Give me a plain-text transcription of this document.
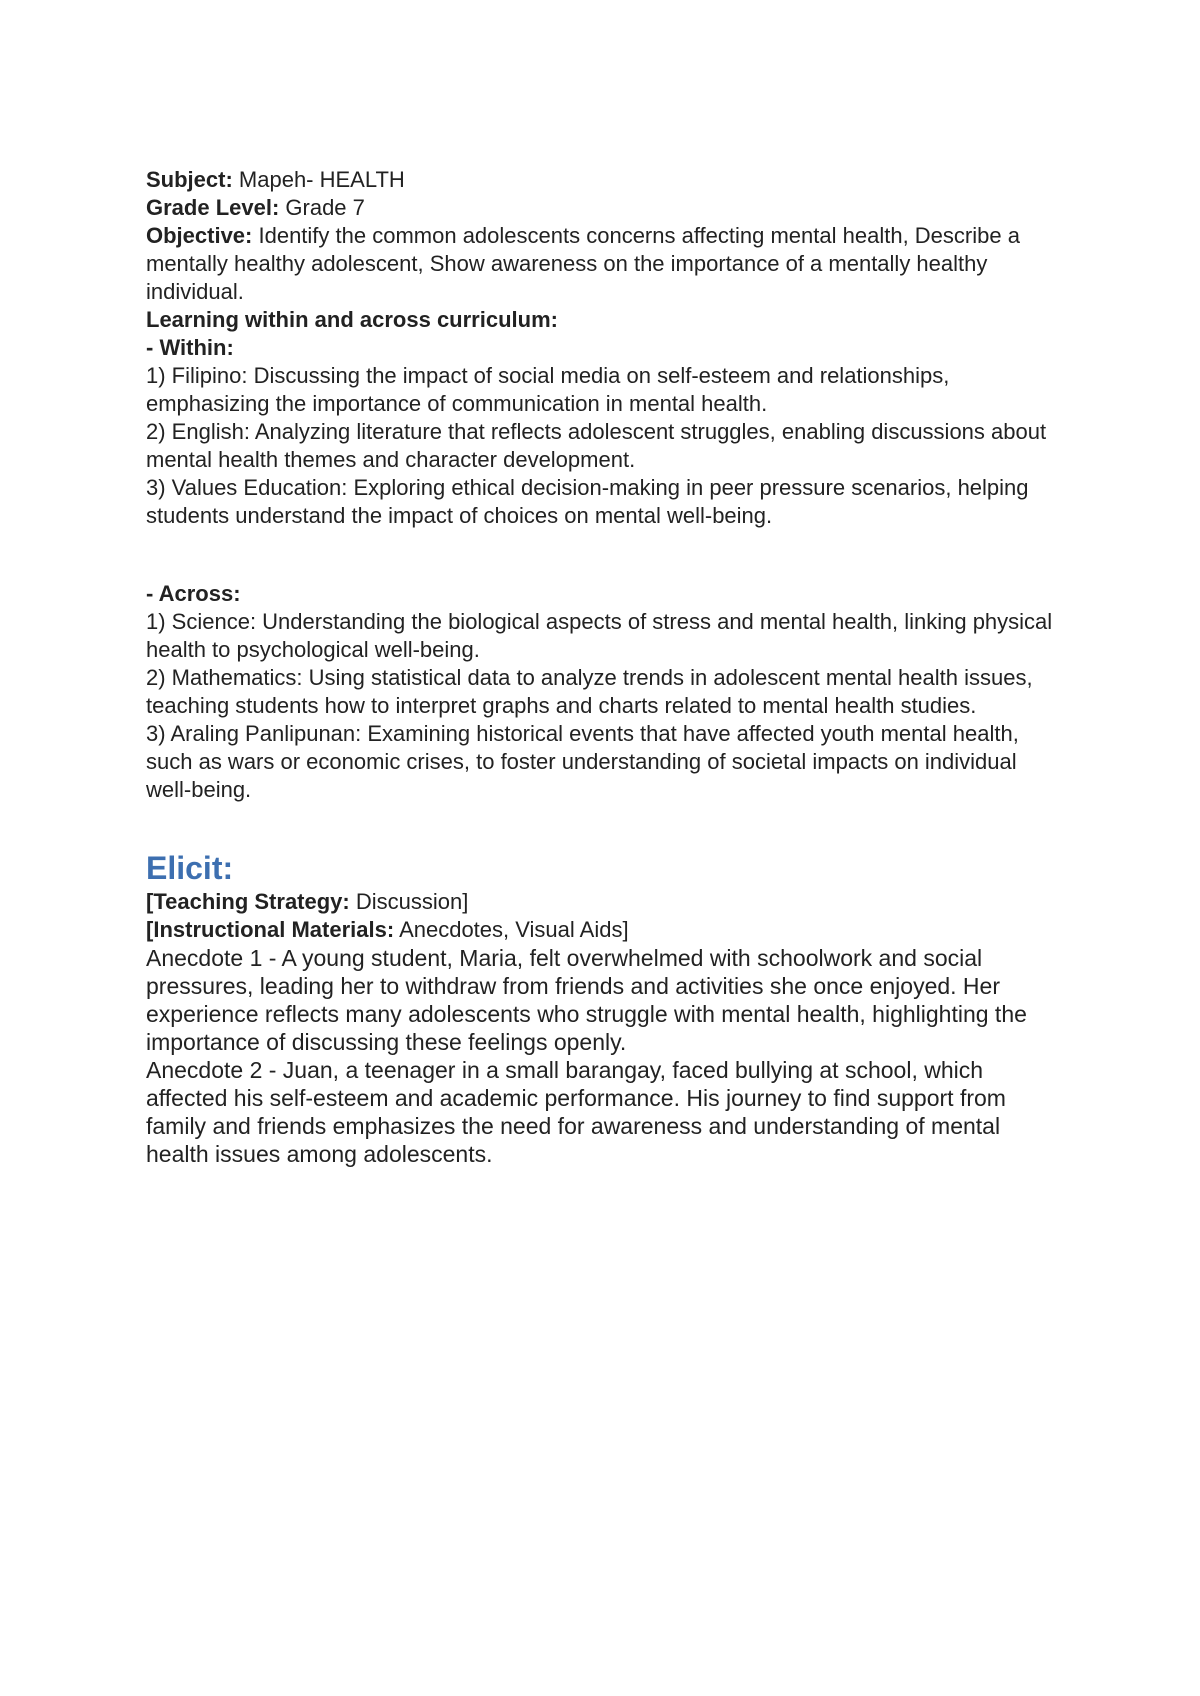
Subject: Mapeh- HEALTH

Grade Level: Grade 7

Objective: Identify the common adolescents concerns affecting mental health, Describe a mentally healthy adolescent, Show awareness on the importance of a mentally healthy individual.

Learning within and across curriculum:

- Within:

1) Filipino: Discussing the impact of social media on self-esteem and relationships, emphasizing the importance of communication in mental health.

2) English: Analyzing literature that reflects adolescent struggles, enabling discussions about mental health themes and character development.

3) Values Education: Exploring ethical decision-making in peer pressure scenarios, helping students understand the impact of choices on mental well-being.

- Across:

1) Science: Understanding the biological aspects of stress and mental health, linking physical health to psychological well-being.

2) Mathematics: Using statistical data to analyze trends in adolescent mental health issues, teaching students how to interpret graphs and charts related to mental health studies.

3) Araling Panlipunan: Examining historical events that have affected youth mental health, such as wars or economic crises, to foster understanding of societal impacts on individual well-being.

Elicit:

[Teaching Strategy: Discussion]

[Instructional Materials: Anecdotes, Visual Aids]

Anecdote 1 - A young student, Maria, felt overwhelmed with schoolwork and social pressures, leading her to withdraw from friends and activities she once enjoyed. Her experience reflects many adolescents who struggle with mental health, highlighting the importance of discussing these feelings openly.

Anecdote 2 - Juan, a teenager in a small barangay, faced bullying at school, which affected his self-esteem and academic performance. His journey to find support from family and friends emphasizes the need for awareness and understanding of mental health issues among adolescents.
